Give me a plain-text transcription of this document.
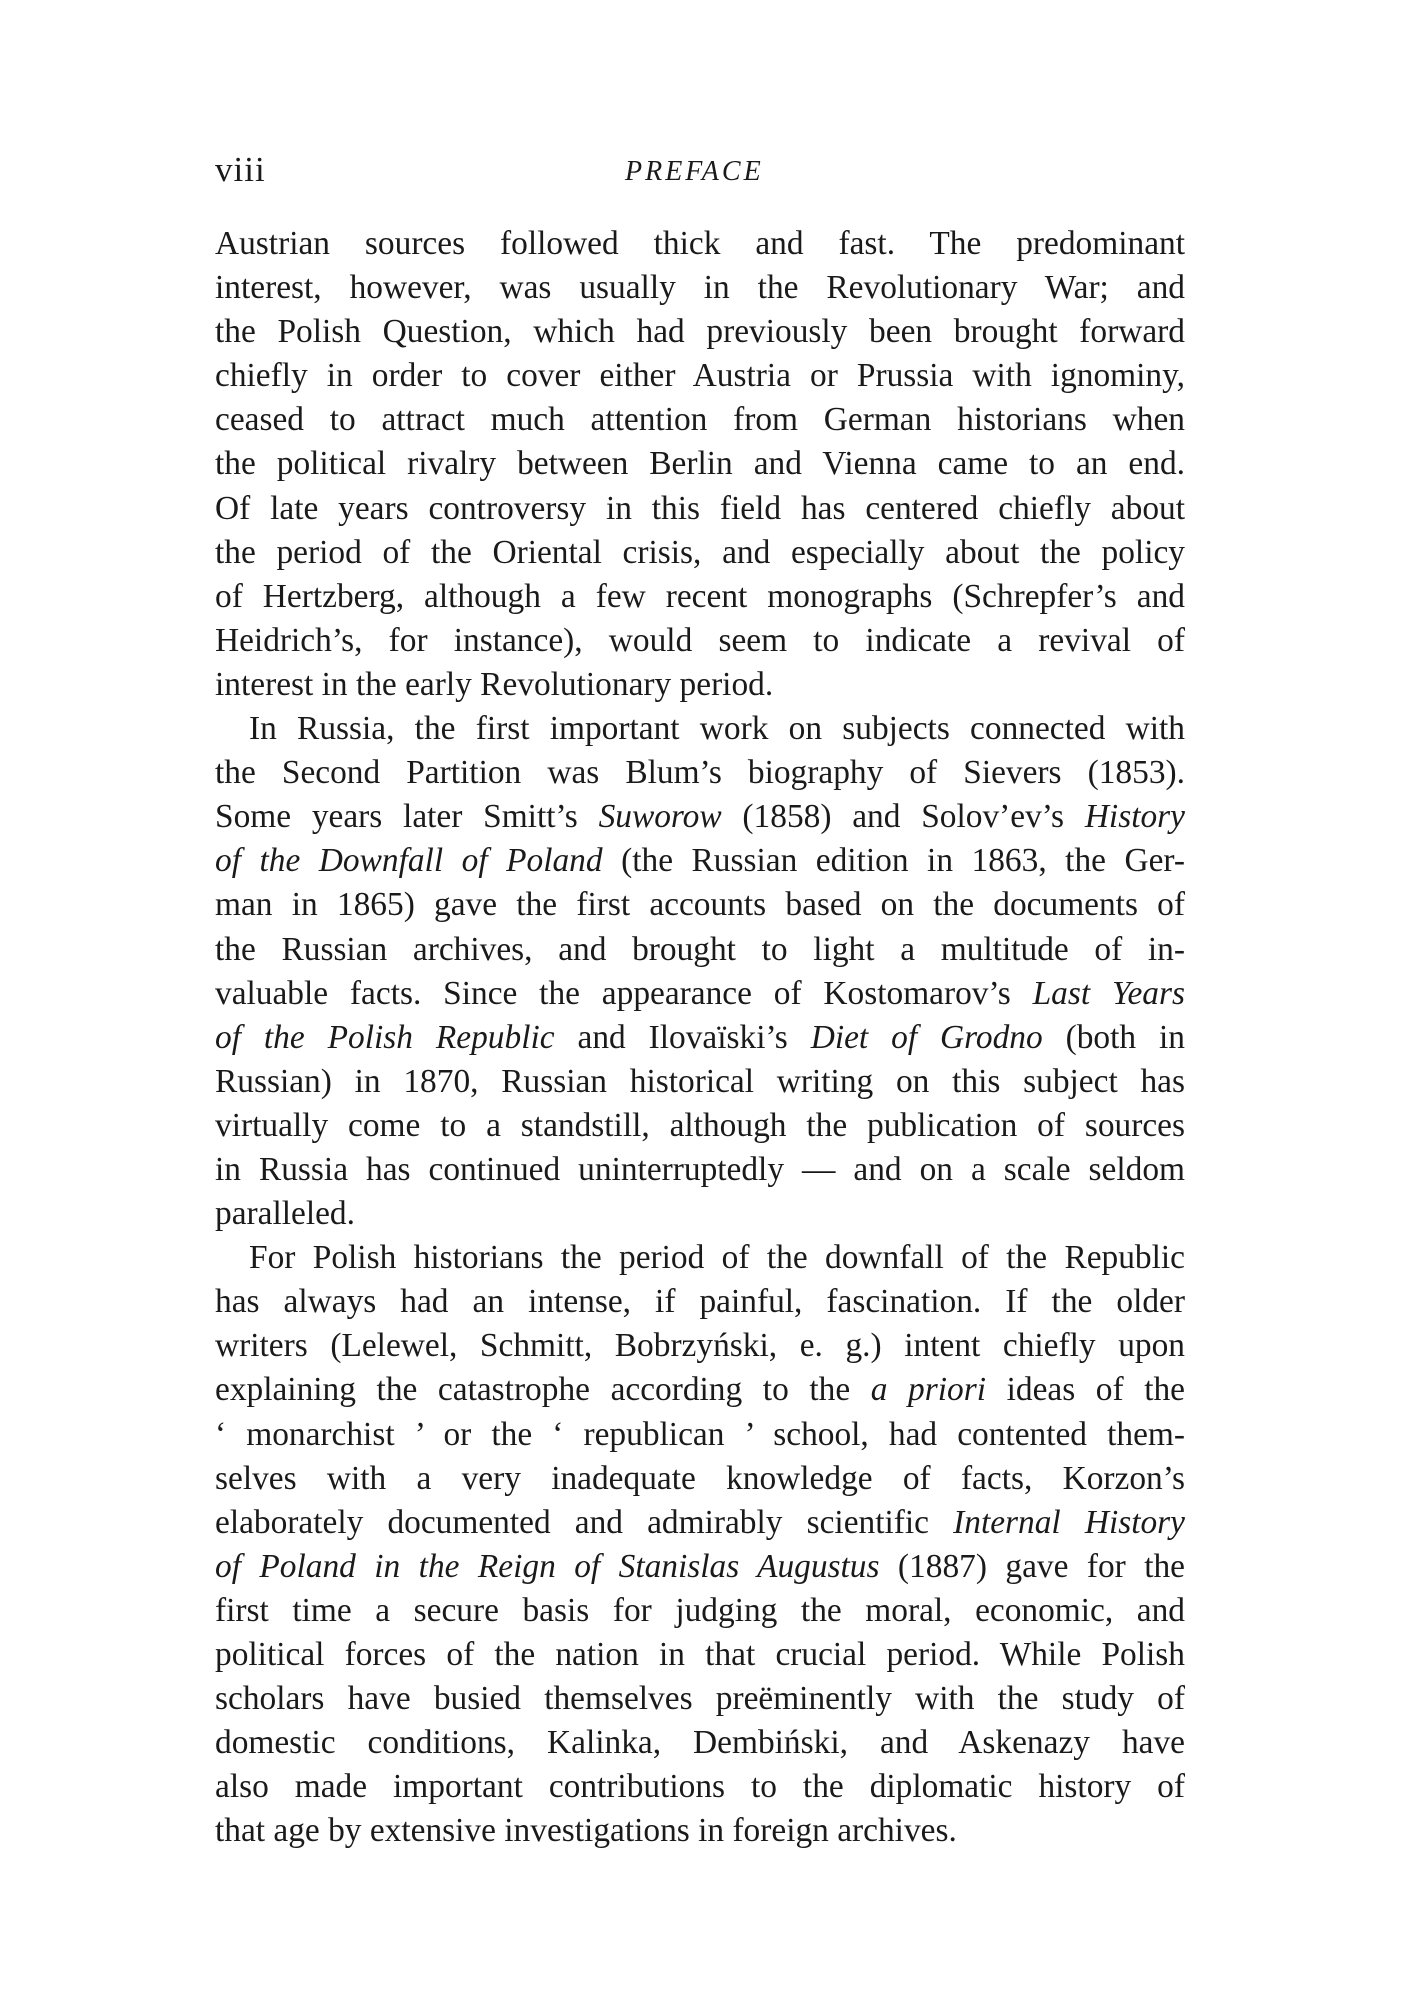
viii	PREFACE

Austrian sources followed thick and fast. The predominant
interest, however, was usually in the Revolutionary War; and
the Polish Question, which had previously been brought forward
chiefly in order to cover either Austria or Prussia with ignominy,
ceased to attract much attention from German historians when
the political rivalry between Berlin and Vienna came to an end.
Of late years controversy in this field has centered chiefly about
the period of the Oriental crisis, and especially about the policy
of Hertzberg, although a few recent monographs (Schrepfer’s and
Heidrich’s, for instance), would seem to indicate a revival of
interest in the early Revolutionary period.

In Russia, the first important work on subjects connected with
the Second Partition was Blum’s biography of Sievers (1853).
Some years later Smitt’s Suworow (1858) and Solov’ev’s History
of the Downfall of Poland (the Russian edition in 1863, the Ger-
man in 1865) gave the first accounts based on the documents of
the Russian archives, and brought to light a multitude of in-
valuable facts. Since the appearance of Kostomarov’s Last Years
of the Polish Republic and Ilovaïski’s Diet of Grodno (both in
Russian) in 1870, Russian historical writing on this subject has
virtually come to a standstill, although the publication of sources
in Russia has continued uninterruptedly — and on a scale seldom
paralleled.

For Polish historians the period of the downfall of the Republic
has always had an intense, if painful, fascination. If the older
writers (Lelewel, Schmitt, Bobrzyński, e. g.) intent chiefly upon
explaining the catastrophe according to the a priori ideas of the
‘ monarchist ’ or the ‘ republican ’ school, had contented them-
selves with a very inadequate knowledge of facts, Korzon’s
elaborately documented and admirably scientific Internal History
of Poland in the Reign of Stanislas Augustus (1887) gave for the
first time a secure basis for judging the moral, economic, and
political forces of the nation in that crucial period. While Polish
scholars have busied themselves preëminently with the study of
domestic conditions, Kalinka, Dembiński, and Askenazy have
also made important contributions to the diplomatic history of
that age by extensive investigations in foreign archives.
